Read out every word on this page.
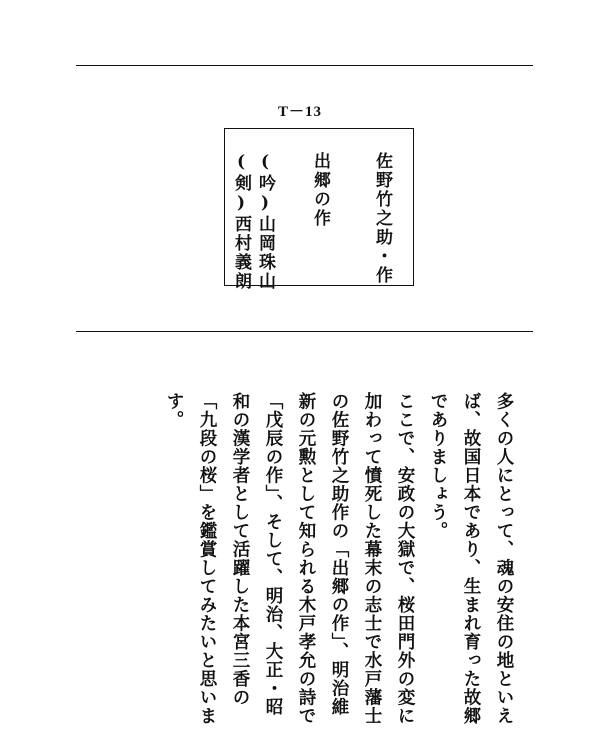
T－13
佐野竹之助・作
出郷の作
(吟)山岡珠山
(剣)西村義朗

多くの人にとって、魂の安住の地といえば、故国日本であり、生まれ育った故郷でありましょう。

ここで、安政の大獄で、桜田門外の変に加わって憤死した幕末の志士で水戸藩士の佐野竹之助作の「出郷の作」、明治維新の元勲として知られる木戸孝允の詩で「戊辰の作」、そして、明治、大正・昭和の漢学者として活躍した本宮三香の「九段の桜」を鑑賞してみたいと思います。
